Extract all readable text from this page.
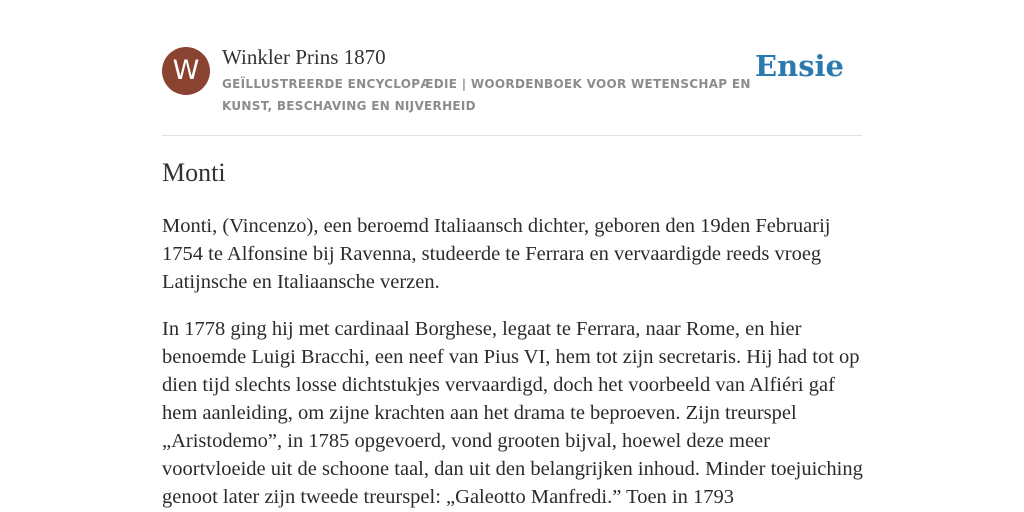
W	Winkler Prins 1870
GEÏLLUSTREERDE ENCYCLOPÆDIE | WOORDENBOEK VOOR WETENSCHAP EN KUNST, BESCHAVING EN NIJVERHEID
Ensie
Monti

Monti, (Vincenzo), een beroemd Italiaansch dichter, geboren den 19den Februarij 1754 te Alfonsine bij Ravenna, studeerde te Ferrara en vervaardigde reeds vroeg Latijnsche en Italiaansche verzen.

In 1778 ging hij met cardinaal Borghese, legaat te Ferrara, naar Rome, en hier benoemde Luigi Bracchi, een neef van Pius VI, hem tot zijn secretaris. Hij had tot op dien tijd slechts losse dichtstukjes vervaardigd, doch het voorbeeld van Alfiéri gaf hem aanleiding, om zijne krachten aan het drama te beproeven. Zijn treurspel „Aristodemo”, in 1785 opgevoerd, vond grooten bijval, hoewel deze meer voortvloeide uit de schoone taal, dan uit den belangrijken inhoud. Minder toejuiching genoot later zijn tweede treurspel: „Galeotto Manfredi.” Toen in 1793
